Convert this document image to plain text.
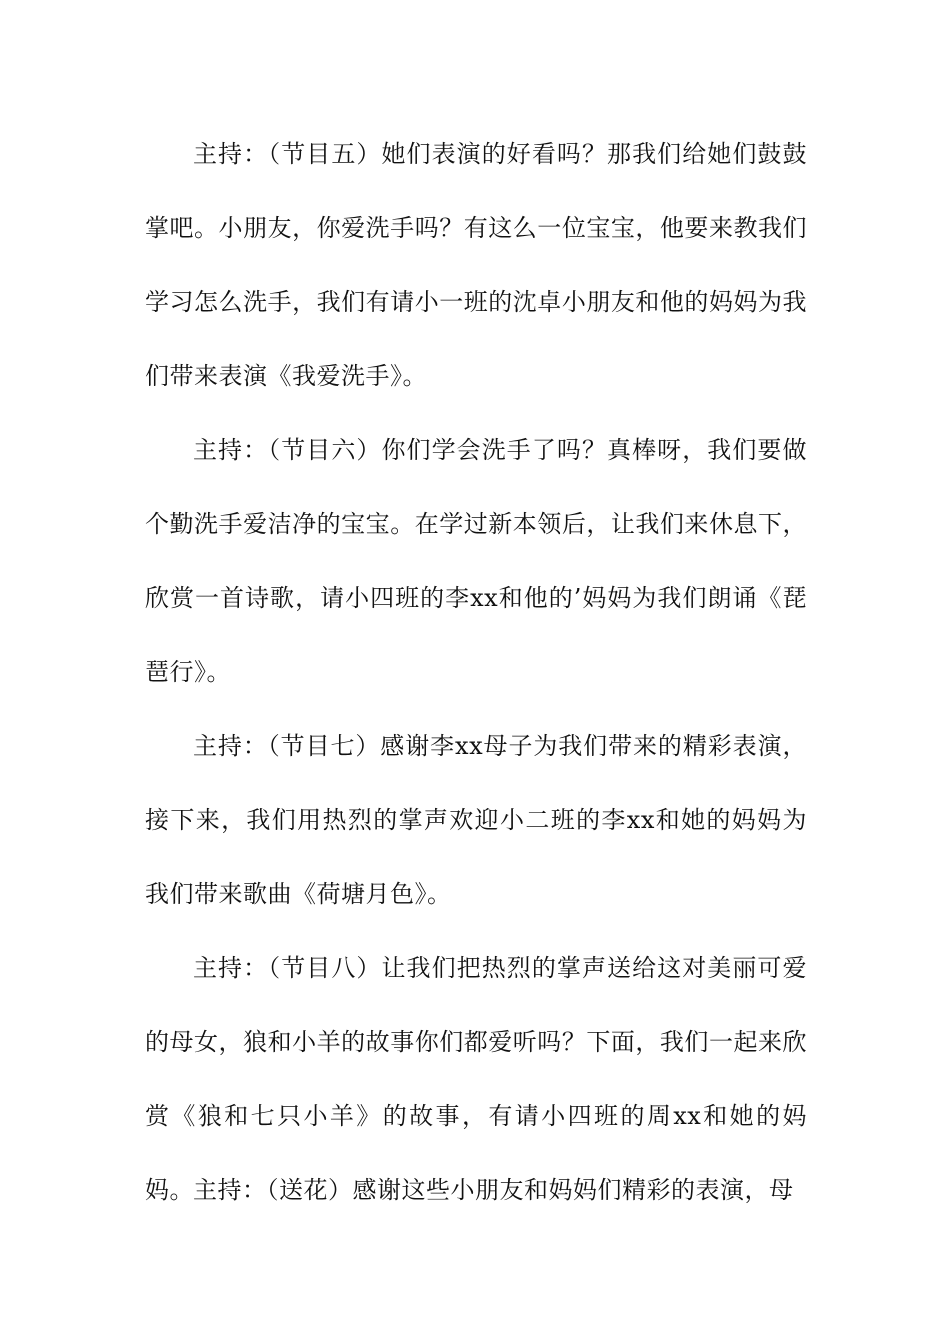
主持：（节目五）她们表演的好看吗？那我们给她们鼓鼓掌吧。小朋友，你爱洗手吗？有这么一位宝宝，他要来教我们学习怎么洗手，我们有请小一班的沈卓小朋友和他的妈妈为我们带来表演《我爱洗手》。

主持：（节目六）你们学会洗手了吗？真棒呀，我们要做个勤洗手爱洁净的宝宝。在学过新本领后，让我们来休息下，欣赏一首诗歌，请小四班的李xx和他的’妈妈为我们朗诵《琵琶行》。

主持：（节目七）感谢李xx母子为我们带来的精彩表演，接下来，我们用热烈的掌声欢迎小二班的李xx和她的妈妈为我们带来歌曲《荷塘月色》。

主持：（节目八）让我们把热烈的掌声送给这对美丽可爱的母女，狼和小羊的故事你们都爱听吗？下面，我们一起来欣赏《狼和七只小羊》的故事，有请小四班的周xx和她的妈妈。 主持：（送花）感谢这些小朋友和妈妈们精彩的表演，母
